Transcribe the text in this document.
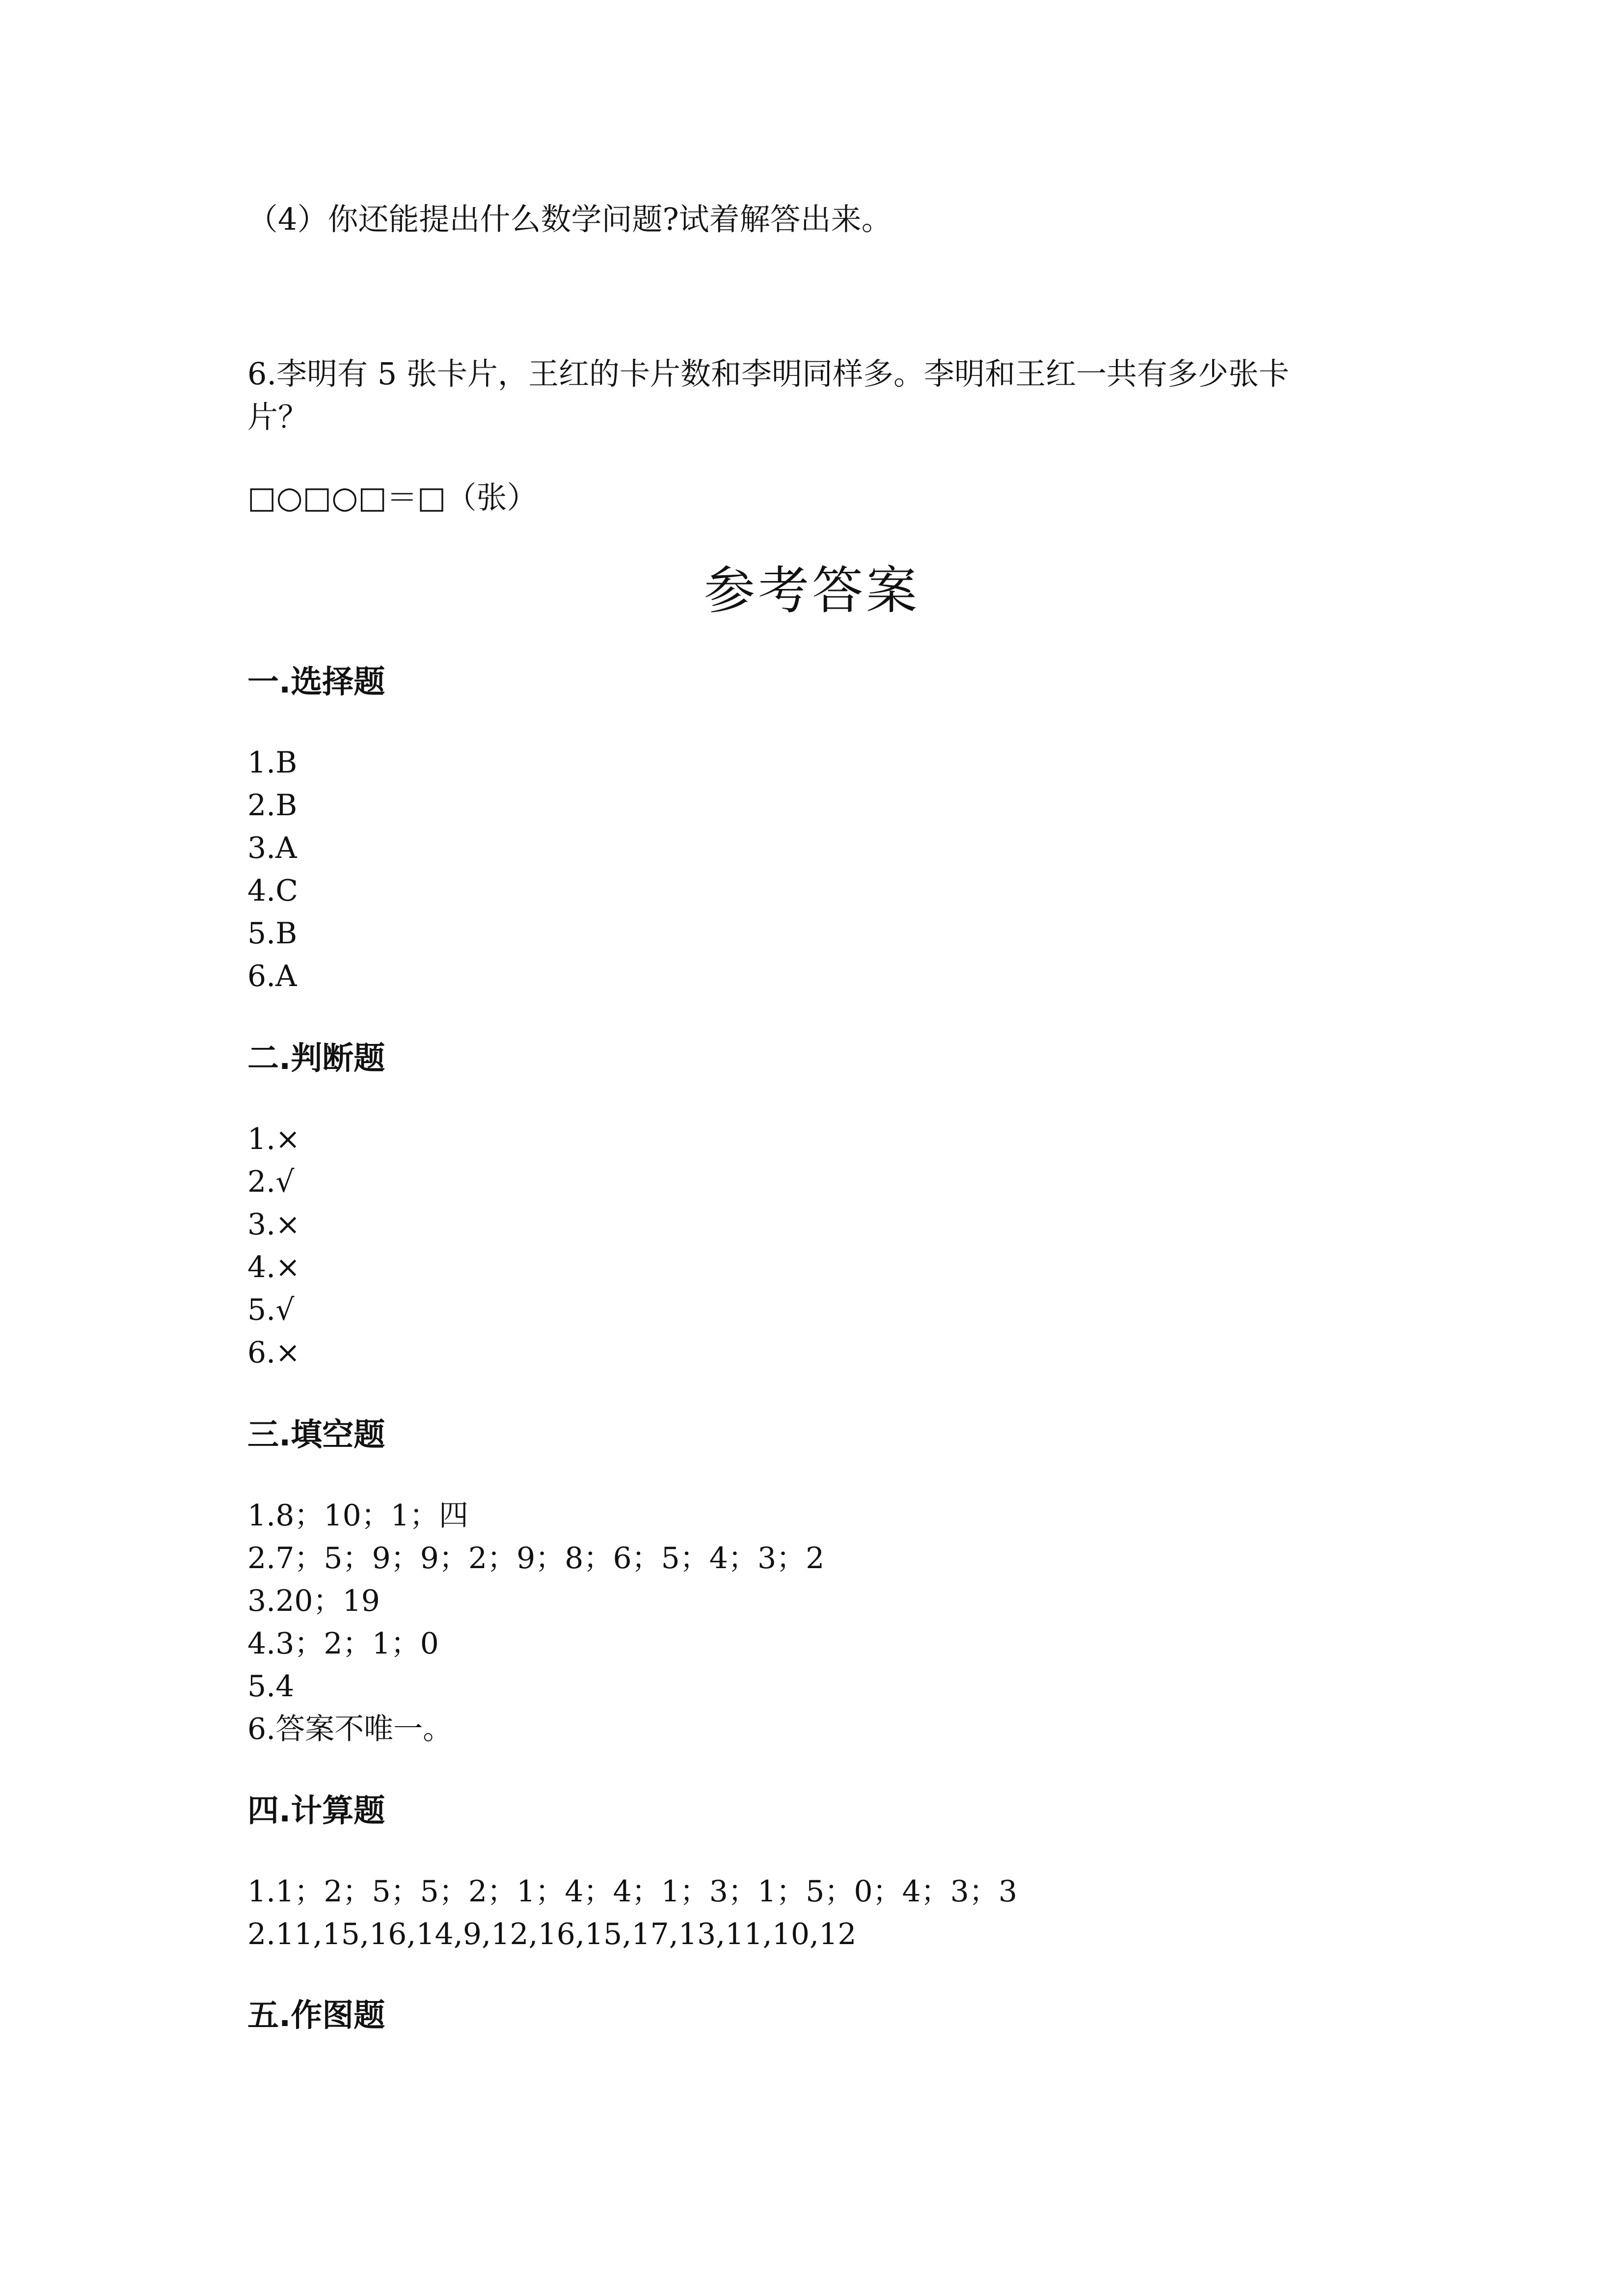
（4）你还能提出什么数学问题?试着解答出来。
6.李明有 5 张卡片，王红的卡片数和李明同样多。李明和王红一共有多少张卡
片？
□○□○□＝□（张）
参考答案
一.选择题
1.B
2.B
3.A
4.C
5.B
6.A
二.判断题
1.×
2.√
3.×
4.×
5.√
6.×
三.填空题
1.8；10；1；四
2.7；5；9；9；2；9；8；6；5；4；3；2
3.20；19
4.3；2；1；0
5.4
6.答案不唯一。
四.计算题
1.1；2；5；5；2；1；4；4；1；3；1；5；0；4；3；3
2.11,15,16,14,9,12,16,15,17,13,11,10,12
五.作图题
